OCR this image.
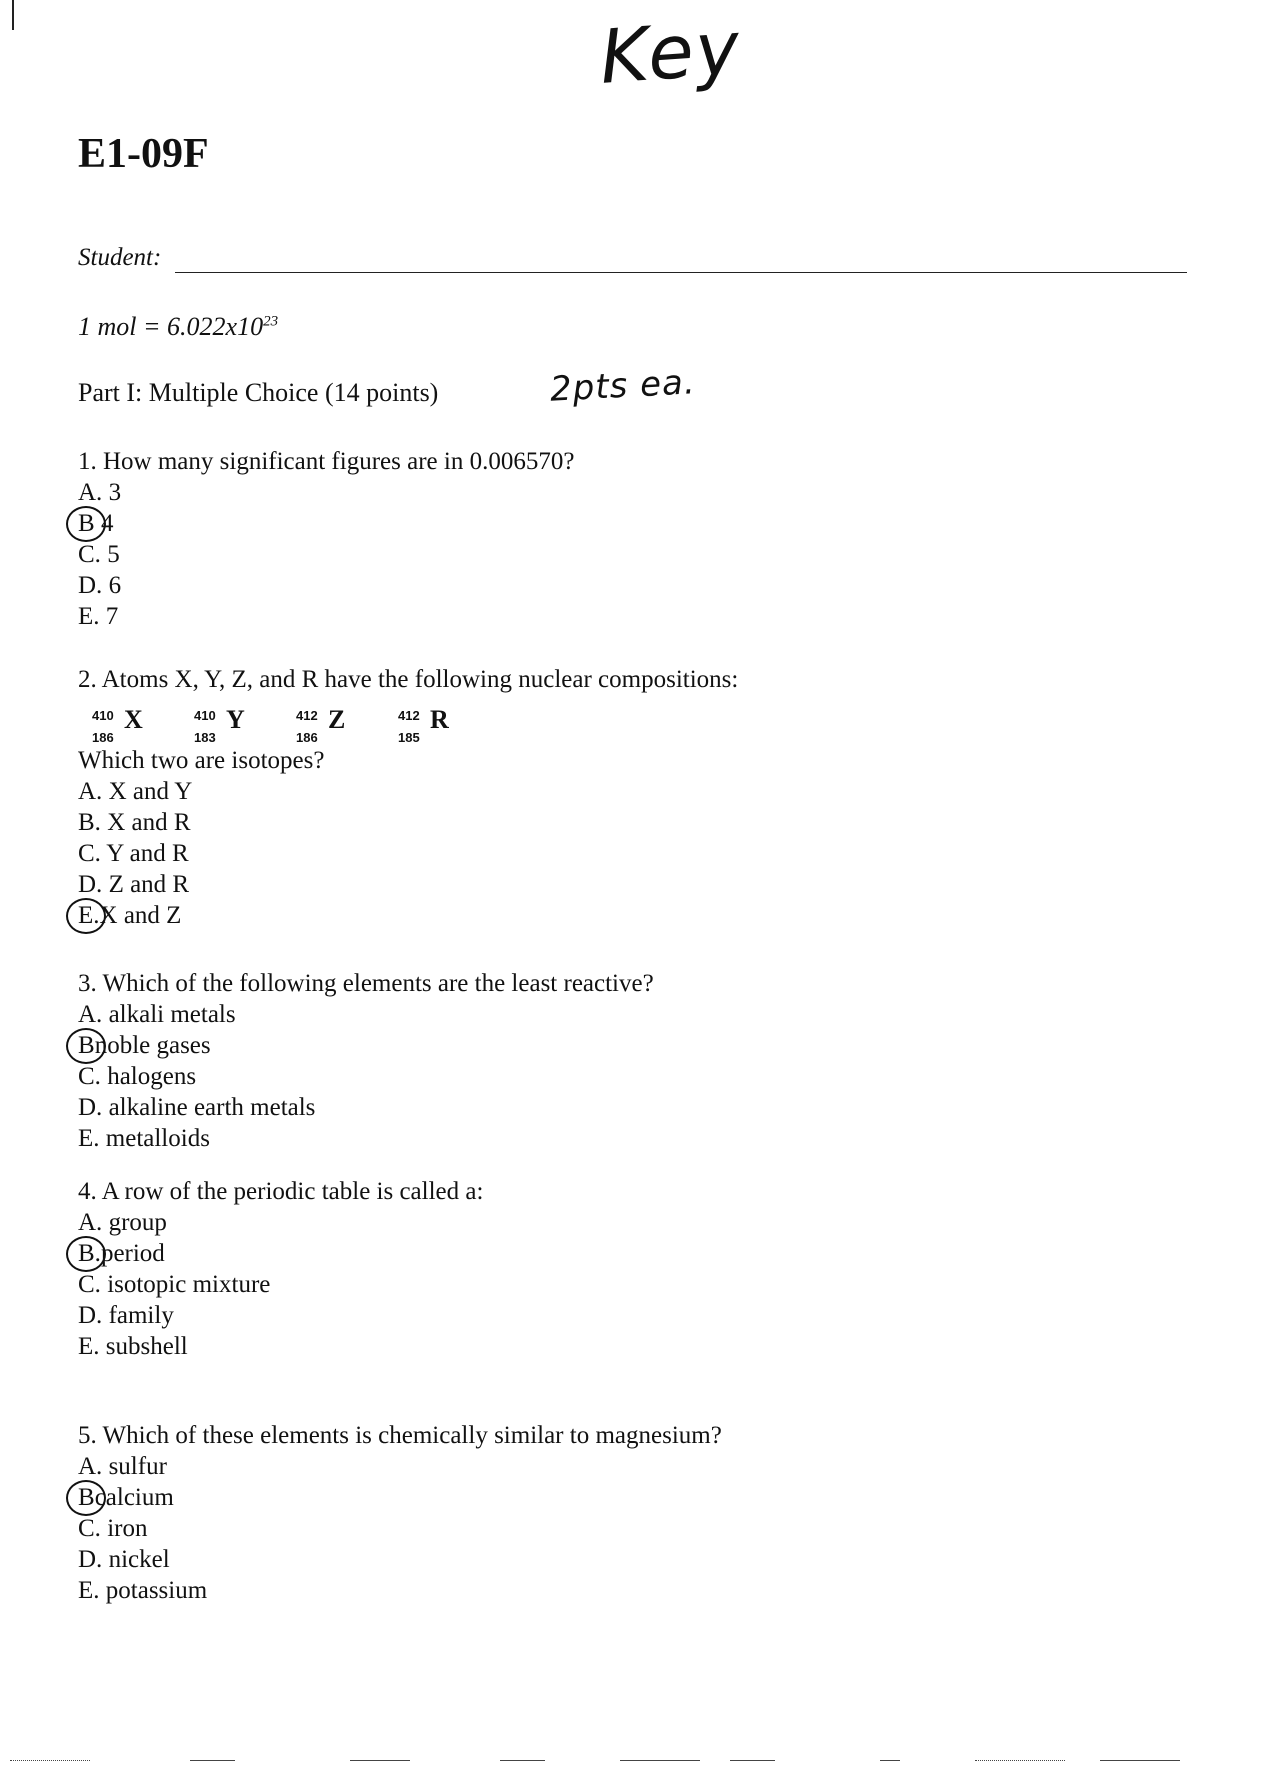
Key
E1-09F
Student:
1 mol = $6.022x10^{23}$
Part I: Multiple Choice (14 points)	2pts ea.

1. How many significant figures are in 0.006570?

A. 3

B 4

C. 5

D. 6

E. 7

2. Atoms X, Y, Z, and R have the following nuclear compositions:

410
186
X	410
183
Y	412
186
Z	412
185
R

Which two are isotopes?

A. X and Y

B. X and R

C. Y and R

D. Z and R

E.X and Z

3. Which of the following elements are the least reactive?

A. alkali metals

Bnoble gases

C. halogens

D. alkaline earth metals

E. metalloids

4. A row of the periodic table is called a:

A. group

B.period

C. isotopic mixture

D. family

E. subshell

5. Which of these elements is chemically similar to magnesium?

A. sulfur

Bcalcium

C. iron

D. nickel

E. potassium
